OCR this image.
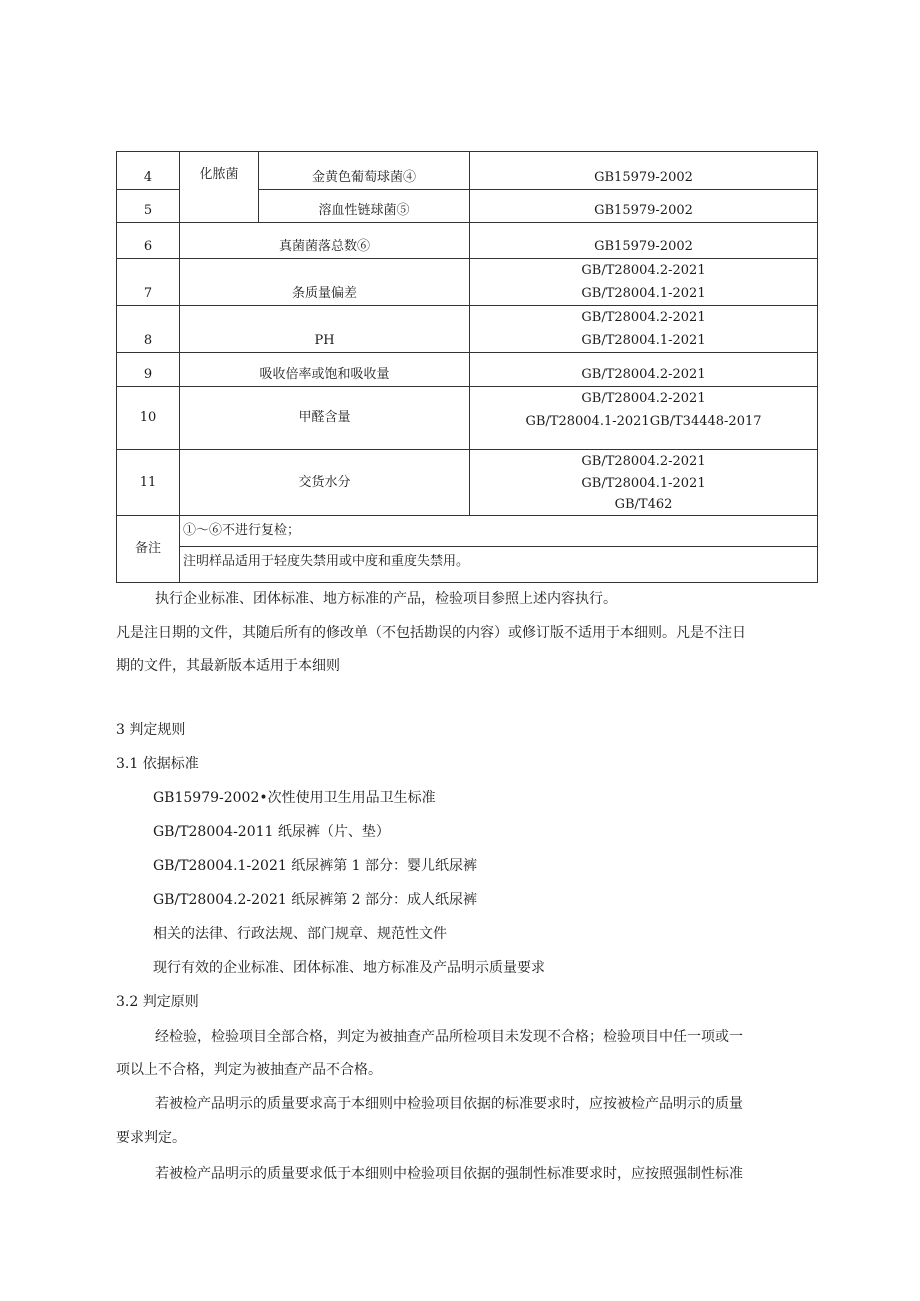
4	化脓菌	金黄色葡萄球菌④	GB15979-2002

5		溶血性链球菌⑤	GB15979-2002

6	真菌菌落总数⑥		GB15979-2002

7	条质量偏差		GB/T28004.2-2021
GB/T28004.1-2021

8	PH		GB/T28004.2-2021
GB/T28004.1-2021

9	吸收倍率或饱和吸收量		GB/T28004.2-2021

10	甲醛含量		GB/T28004.2-2021
GB/T28004.1-2021GB/T34448-2017

11	交货水分		GB/T28004.2-2021
GB/T28004.1-2021
GB/T462

备注	①～⑥不进行复检；
注明样品适用于轻度失禁用或中度和重度失禁用。		
执行企业标准、团体标准、地方标准的产品，检验项目参照上述内容执行。
凡是注日期的文件，其随后所有的修改单（不包括勘误的内容）或修订版不适用于本细则。凡是不注日
期的文件，其最新版本适用于本细则
3 判定规则
3.1 依据标准
GB15979-2002•次性使用卫生用品卫生标准
GB/T28004-2011 纸尿裤（片、垫）
GB/T28004.1-2021 纸尿裤第 1 部分：婴儿纸尿裤
GB/T28004.2-2021 纸尿裤第 2 部分：成人纸尿裤
相关的法律、行政法规、部门规章、规范性文件
现行有效的企业标准、团体标准、地方标准及产品明示质量要求
3.2 判定原则
经检验，检验项目全部合格，判定为被抽查产品所检项目未发现不合格；检验项目中任一项或一
项以上不合格，判定为被抽查产品不合格。
若被检产品明示的质量要求高于本细则中检验项目依据的标准要求时，应按被检产品明示的质量
要求判定。
若被检产品明示的质量要求低于本细则中检验项目依据的强制性标准要求时，应按照强制性标准
